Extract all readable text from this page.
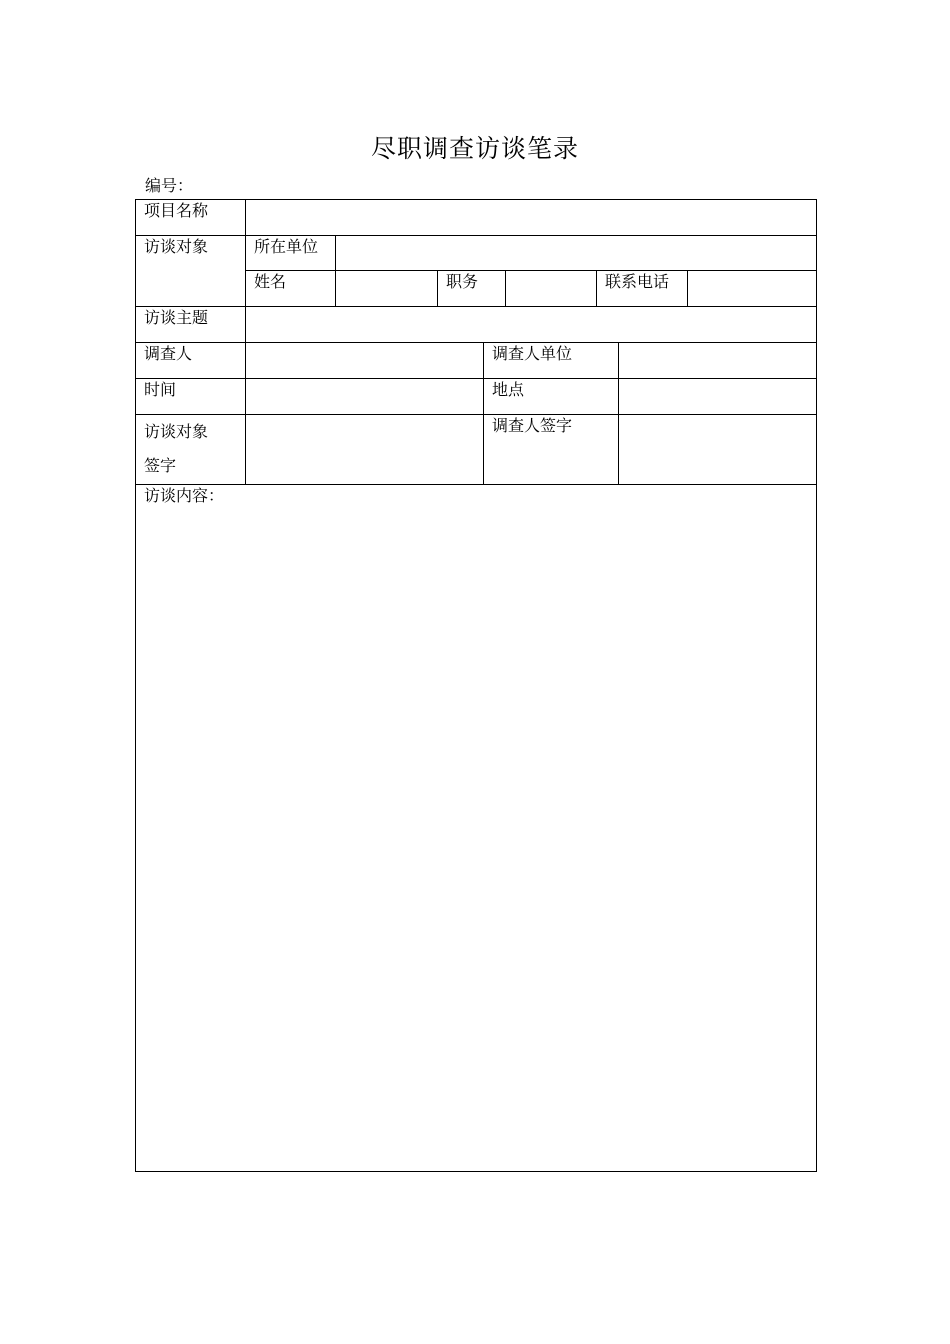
尽职调查访谈笔录
编号：
项目名称								
访谈对象	所在单位							
	姓名		职务			联系电话		
访谈主题								
调查人				调查人单位				
时间				地点				

访谈对象
签字				调查人签字				
访谈内容：								
